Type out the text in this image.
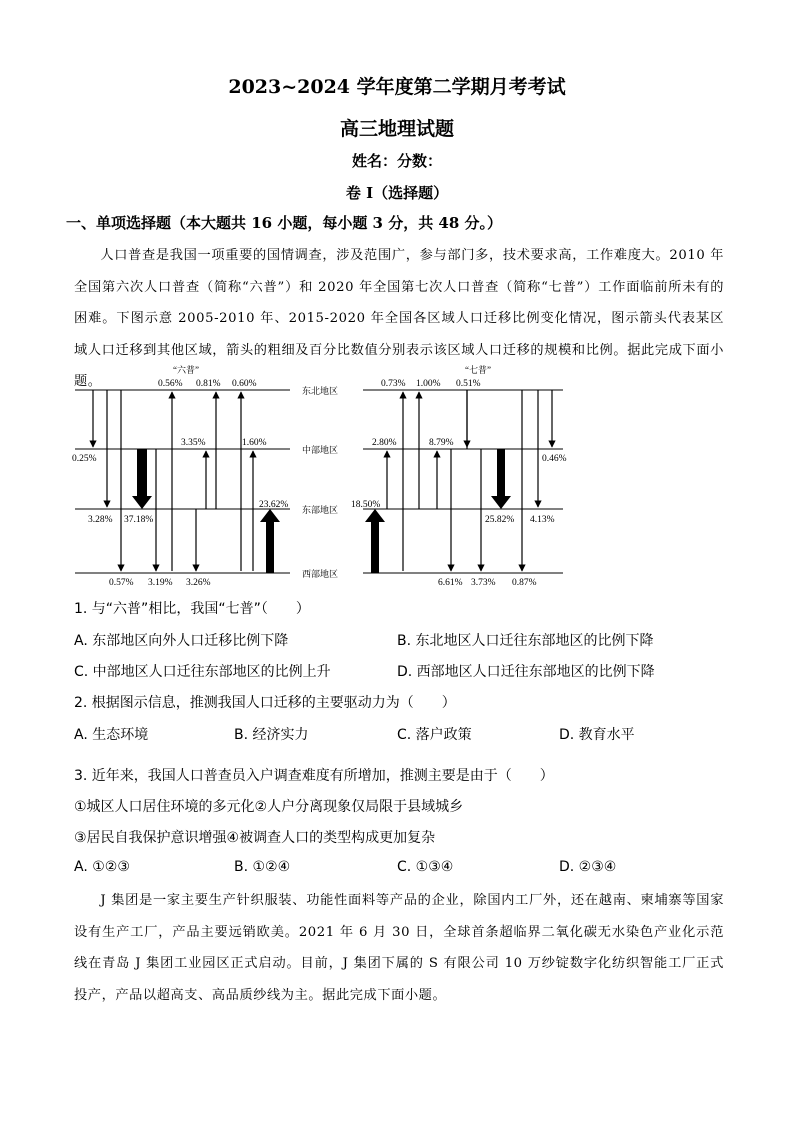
2023~2024 学年度第二学期月考考试
高三地理试题
姓名：分数：
卷 I（选择题）
一、单项选择题（本大题共 16 小题，每小题 3 分，共 48 分。）
人口普查是我国一项重要的国情调查，涉及范围广，参与部门多，技术要求高，工作难度大。2010 年全国第六次人口普查（简称“六普”）和 2020 年全国第七次人口普查（简称“七普”）工作面临前所未有的困难。下图示意 2005-2010 年、2015-2020 年全国各区域人口迁移比例变化情况，图示箭头代表某区域人口迁移到其他区域，箭头的粗细及百分比数值分别表示该区域人口迁移的规模和比例。据此完成下面小题。
“六普”	“七普”
东北地区
中部地区
东部地区
西部地区
0.56% 0.81% 0.60%
0.25%
3.35%	1.60%
3.28% 37.18%
23.62%
0.57% 3.19% 3.26%
0.73% 1.00% 0.51%
2.80%	8.79%
0.46%
18.50%
25.82% 4.13%
6.61% 3.73% 0.87%
1. 与“六普”相比，我国“七普”（　　）
A. 东部地区向外人口迁移比例下降	B. 东北地区人口迁往东部地区的比例下降
C. 中部地区人口迁往东部地区的比例上升	D. 西部地区人口迁往东部地区的比例下降
2. 根据图示信息，推测我国人口迁移的主要驱动力为（　　）
A. 生态环境	B. 经济实力	C. 落户政策	D. 教育水平
3. 近年来，我国人口普查员入户调查难度有所增加，推测主要是由于（　　）
①城区人口居住环境的多元化②人户分离现象仅局限于县域城乡
③居民自我保护意识增强④被调查人口的类型构成更加复杂
A. ①②③	B. ①②④	C. ①③④	D. ②③④
J 集团是一家主要生产针织服装、功能性面料等产品的企业，除国内工厂外，还在越南、柬埔寨等国家设有生产工厂，产品主要远销欧美。2021 年 6 月 30 日，全球首条超临界二氧化碳无水染色产业化示范线在青岛 J 集团工业园区正式启动。目前，J 集团下属的 S 有限公司 10 万纱锭数字化纺织智能工厂正式投产，产品以超高支、高品质纱线为主。据此完成下面小题。
